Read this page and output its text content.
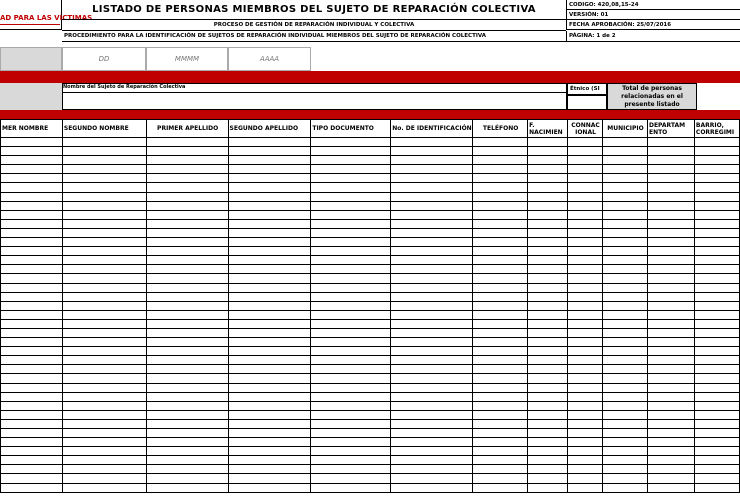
AD PARA LAS VÍCTIMAS
LISTADO DE PERSONAS MIEMBROS DEL SUJETO DE REPARACIÓN COLECTIVA
PROCESO DE GESTIÓN DE REPARACIÓN INDIVIDUAL Y COLECTIVA
PROCEDIMIENTO PARA LA IDENTIFICACIÓN DE SUJETOS DE REPARACIÓN INDIVIDUAL MIEMBROS DEL SUJETO DE REPARACIÓN COLECTIVA
CODIGO: 420,08,15-24
VERSIÓN: 01
FECHA APROBACIÓN: 25/07/2016
PÁGINA: 1 de 2
DD	MMMM	AAAA
Nombre del Sujeto de Reparación Colectiva	Étnico (SI	Total de personas relacionadas en el presente listado
MER NOMBRE	SEGUNDO NOMBRE	PRIMER APELLIDO	SEGUNDO APELLIDO	TIPO DOCUMENTO	No. DE IDENTIFICACIÓN	TELÉFONO	F. NACIMIEN	CONNAC IONAL	MUNICIPIO	DEPARTAM ENTO	BARRIO, CORREGIMI
